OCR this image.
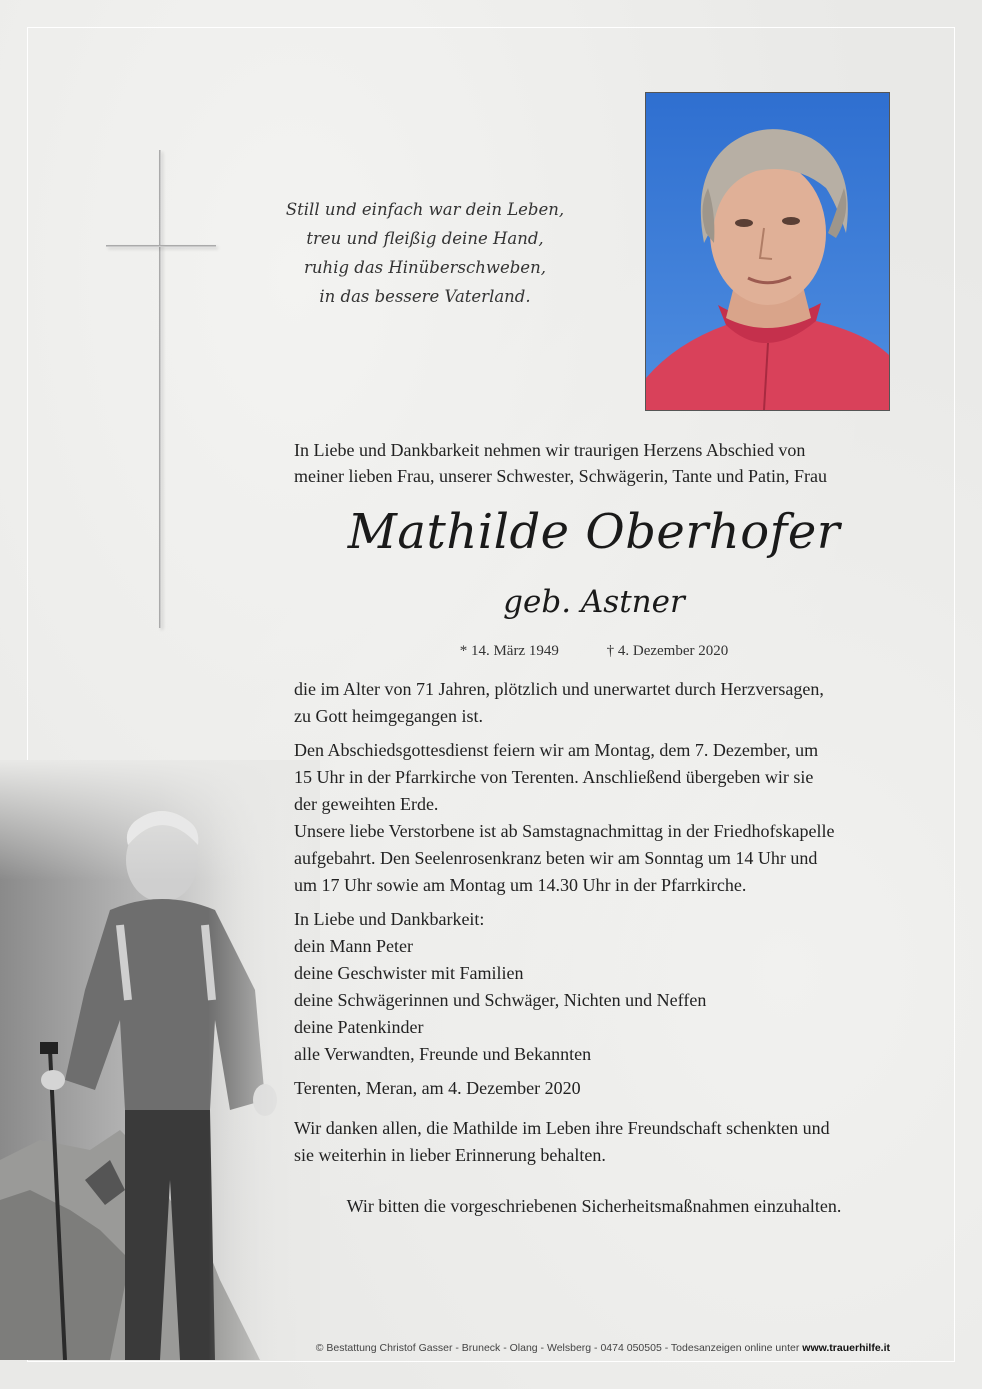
Still und einfach war dein Leben,
treu und fleißig deine Hand,
ruhig das Hinüberschweben,
in das bessere Vaterland.
In Liebe und Dankbarkeit nehmen wir traurigen Herzens Abschied von
meiner lieben Frau, unserer Schwester, Schwägerin, Tante und Patin, Frau
Mathilde Oberhofer
geb. Astner
* 14. März 1949	† 4. Dezember 2020
die im Alter von 71 Jahren, plötzlich und unerwartet durch Herzversagen,
zu Gott heimgegangen ist.
Den Abschiedsgottesdienst feiern wir am Montag, dem 7. Dezember, um
15 Uhr in der Pfarrkirche von Terenten. Anschließend übergeben wir sie
der geweihten Erde.
Unsere liebe Verstorbene ist ab Samstagnachmittag in der Friedhofskapelle
aufgebahrt. Den Seelenrosenkranz beten wir am Sonntag um 14 Uhr und
um 17 Uhr sowie am Montag um 14.30 Uhr in der Pfarrkirche.
In Liebe und Dankbarkeit:
dein Mann Peter
deine Geschwister mit Familien
deine Schwägerinnen und Schwäger, Nichten und Neffen
deine Patenkinder
alle Verwandten, Freunde und Bekannten
Terenten, Meran, am 4. Dezember 2020
Wir danken allen, die Mathilde im Leben ihre Freundschaft schenkten und
sie weiterhin in lieber Erinnerung behalten.
Wir bitten die vorgeschriebenen Sicherheitsmaßnahmen einzuhalten.
© Bestattung Christof Gasser - Bruneck - Olang - Welsberg - 0474 050505 - Todesanzeigen online unter www.trauerhilfe.it
